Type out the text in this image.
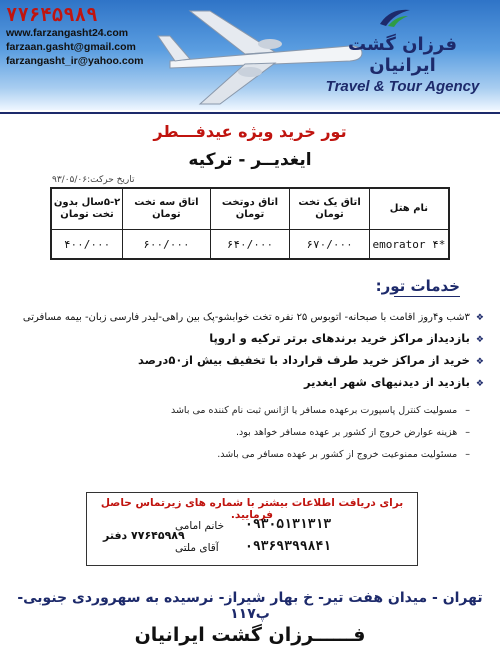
۷۷۶۴۵۹۸۹
www.farzangasht24.com
farzaan.gasht@gmail.com
farzangasht_ir@yahoo.com
فرزان گشت ایرانیان
Travel & Tour Agency
تور خرید ویژه عیدفـــطر
ایغدیــر - ترکیه
تاریخ حرکت:۹۳/۰۵/۰۶
۵-۲سال بدون تخت تومان	اتاق سه تخت تومان	اتاق دوتخت تومان	اتاق یک تخت تومان	نام هتل
۴۰۰/۰۰۰	۶۰۰/۰۰۰	۶۴۰/۰۰۰	۶۷۰/۰۰۰	emorator ۴*
خدمات تور:
❖۳شب و۴روز اقامت با صبحانه- اتوبوس ۲۵ نفره تخت خوابشو-پک بین راهی-لیدر فارسی زبان- بیمه مسافرتی
❖بازدیداز مراکز خرید برندهای برتر ترکیه و اروپا
❖خرید از مراکز خرید طرف قرارداد با تخفیف بیش از۵۰درصد
❖بازدید از دیدنیهای شهر ایغدیر
–مسولیت کنترل پاسپورت برعهده مسافر یا اژانس ثبت نام کننده می باشد
–هزینه عوارض خروج از کشور بر عهده مسافر خواهد بود.
–مسئولیت ممنوعیت خروج از کشور بر عهده مسافر می باشد.
برای دریافت اطلاعات بیشتر با شماره های زیرتماس حاصل فرمایید.
۰۹۳۰۵۱۳۱۳۱۳
خانم امامی
۰۹۳۶۹۳۹۹۸۴۱
آقای ملتی
۷۷۶۴۵۹۸۹ دفتر
تهران - میدان هفت تیر- خ بهار شیراز- نرسیده به سهروردی جنوبی- پ۱۱۷
فــــــرزان گشت ایرانیان
